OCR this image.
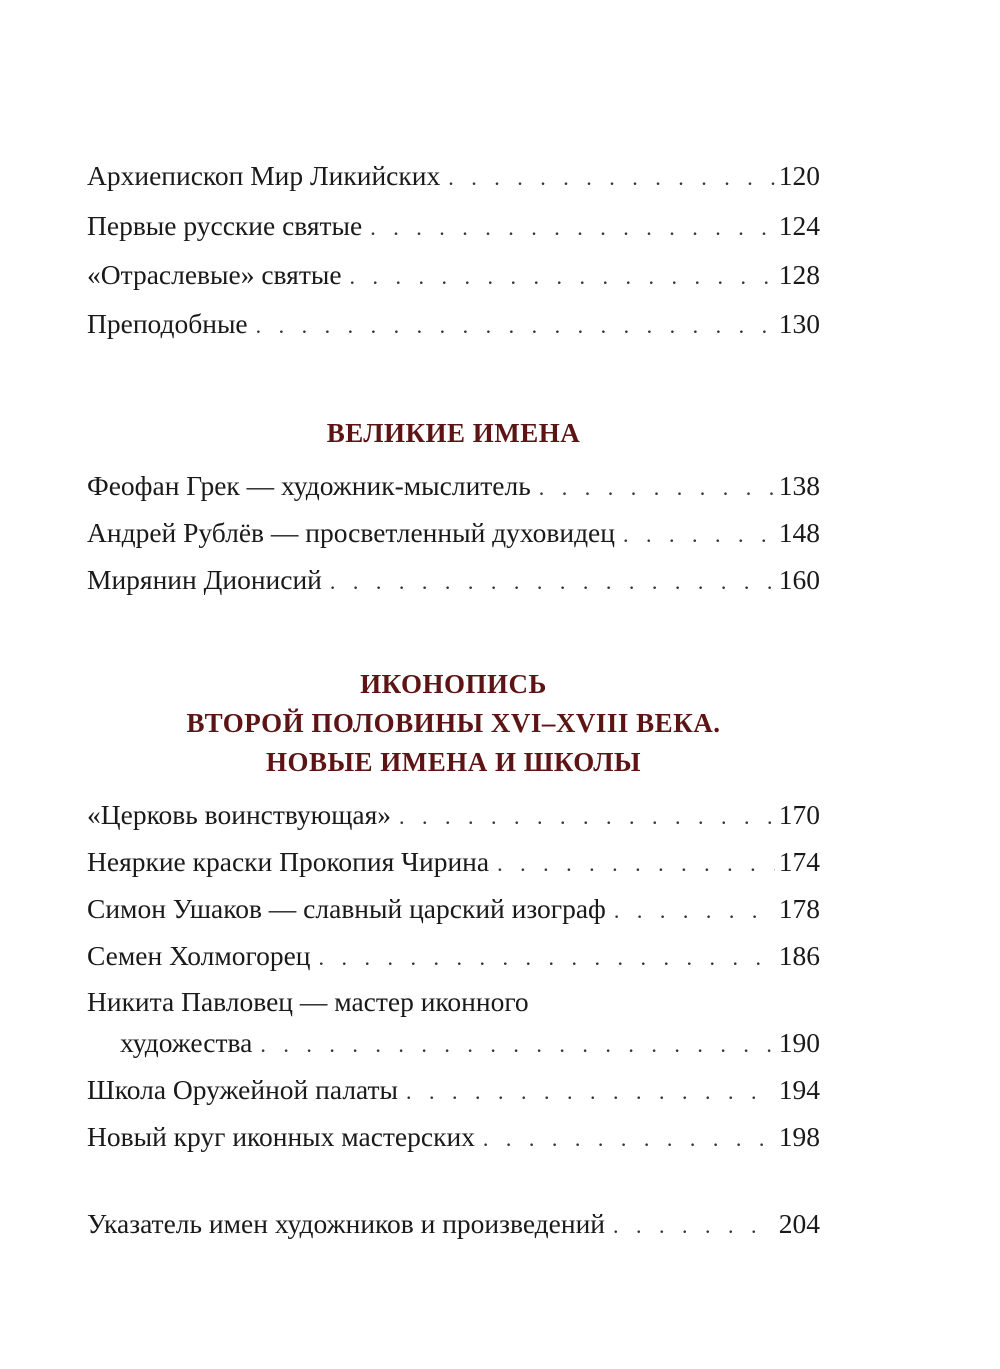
Архиепископ Мир Ликийских . . .	120
Первые русские святые . . .	124
«Отраслевые» святые . . .	128
Преподобные . . .	130
ВЕЛИКИЕ ИМЕНА
Феофан Грек — художник-мыслитель . . .	138
Андрей Рублёв — просветленный духовидец . . .	148
Мирянин Дионисий . . .	160
ИКОНОПИСЬ
ВТОРОЙ ПОЛОВИНЫ XVI–XVIII ВЕКА.
НОВЫЕ ИМЕНА И ШКОЛЫ
«Церковь воинствующая» . . .	170
Неяркие краски Прокопия Чирина . . .	174
Симон Ушаков — славный царский изограф . . .	178
Семен Холмогорец . . .	186
Никита Павловец — мастер иконного
художества . . .	190
Школа Оружейной палаты . . .	194
Новый круг иконных мастерских . . .	198
Указатель имен художников и произведений . . .	204
